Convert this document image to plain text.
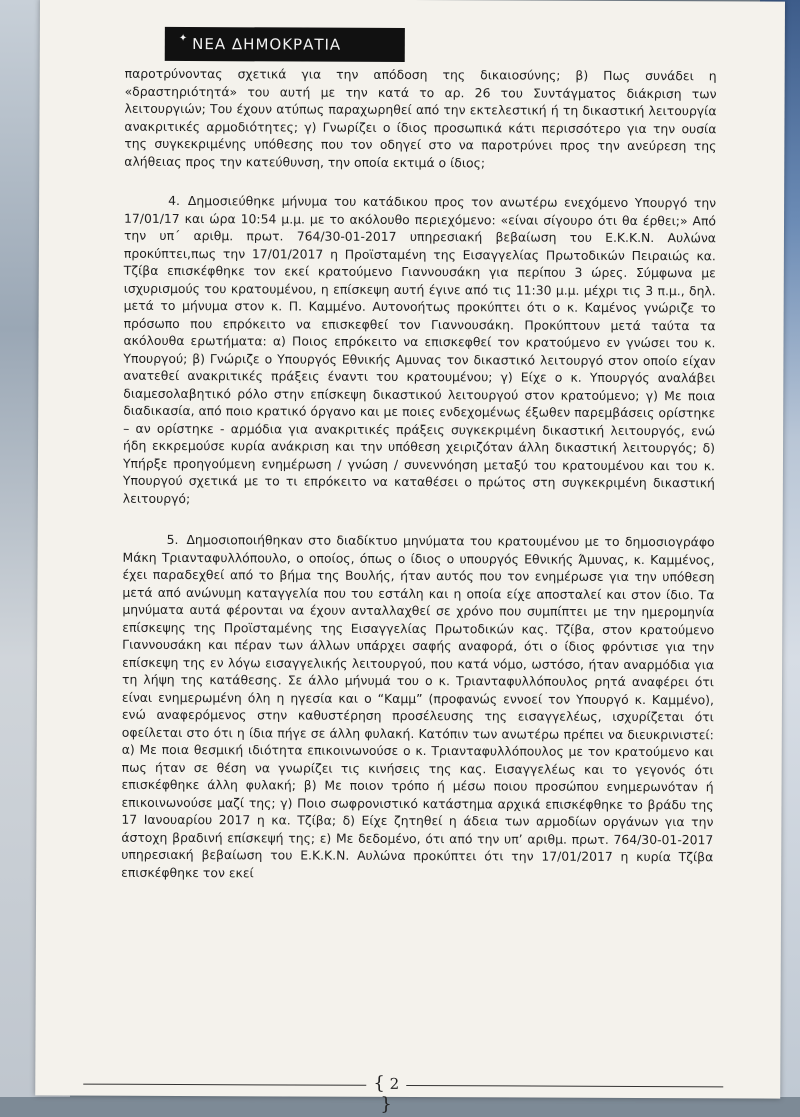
✦ ΝΕΑ ΔΗΜΟΚΡΑΤΙΑ

παροτρύνοντας σχετικά για την απόδοση της δικαιοσύνης; β) Πως συνάδει η «δραστηριότητά» του αυτή με την κατά το αρ. 26 του Συντάγματος διάκριση των λειτουργιών; Του έχουν ατύπως παραχωρηθεί από την εκτελεστική ή τη δικαστική λειτουργία ανακριτικές αρμοδιότητες; γ) Γνωρίζει ο ίδιος προσωπικά κάτι περισσότερο για την ουσία της συγκεκριμένης υπόθεσης που τον οδηγεί στο να παροτρύνει προς την ανεύρεση της αλήθειας προς την κατεύθυνση, την οποία εκτιμά ο ίδιος;

4. Δημοσιεύθηκε μήνυμα του κατάδικου προς τον ανωτέρω ενεχόμενο Υπουργό την 17/01/17 και ώρα 10:54 μ.μ. με το ακόλουθο περιεχόμενο: «είναι σίγουρο ότι θα έρθει;» Από την υπ΄ αριθμ. πρωτ. 764/30-01-2017 υπηρεσιακή βεβαίωση του Ε.Κ.Κ.Ν. Αυλώνα προκύπτει,πως την 17/01/2017 η Προϊσταμένη της Εισαγγελίας Πρωτοδικών Πειραιώς κα. Τζίβα επισκέφθηκε τον εκεί κρατούμενο Γιαννουσάκη για περίπου 3 ώρες. Σύμφωνα με ισχυρισμούς του κρατουμένου, η επίσκεψη αυτή έγινε από τις 11:30 μ.μ. μέχρι τις 3 π.μ., δηλ. μετά το μήνυμα στον κ. Π. Καμμένο. Αυτονοήτως προκύπτει ότι ο κ. Καμένος γνώριζε το πρόσωπο που επρόκειτο να επισκεφθεί τον Γιαννουσάκη. Προκύπτουν μετά ταύτα τα ακόλουθα ερωτήματα: α) Ποιος επρόκειτο να επισκεφθεί τον κρατούμενο εν γνώσει του κ. Υπουργού; β) Γνώριζε ο Υπουργός Εθνικής Αμυνας τον δικαστικό λειτουργό στον οποίο είχαν ανατεθεί ανακριτικές πράξεις έναντι του κρατουμένου; γ) Είχε ο κ. Υπουργός αναλάβει διαμεσολαβητικό ρόλο στην επίσκεψη δικαστικού λειτουργού στον κρατούμενο; γ) Με ποια διαδικασία, από ποιο κρατικό όργανο και με ποιες ενδεχομένως έξωθεν παρεμβάσεις ορίστηκε – αν ορίστηκε - αρμόδια για ανακριτικές πράξεις συγκεκριμένη δικαστική λειτουργός, ενώ ήδη εκκρεμούσε κυρία ανάκριση και την υπόθεση χειριζόταν άλλη δικαστική λειτουργός; δ) Υπήρξε προηγούμενη ενημέρωση / γνώση / συνεννόηση μεταξύ του κρατουμένου και του κ. Υπουργού σχετικά με το τι επρόκειτο να καταθέσει ο πρώτος στη συγκεκριμένη δικαστική λειτουργό;

5. Δημοσιοποιήθηκαν στο διαδίκτυο μηνύματα του κρατουμένου με το δημοσιογράφο Μάκη Τριανταφυλλόπουλο, ο οποίος, όπως ο ίδιος ο υπουργός Εθνικής Άμυνας, κ. Καμμένος, έχει παραδεχθεί από το βήμα της Βουλής, ήταν αυτός που τον ενημέρωσε για την υπόθεση μετά από ανώνυμη καταγγελία που του εστάλη και η οποία είχε αποσταλεί και στον ίδιο. Τα μηνύματα αυτά φέρονται να έχουν ανταλλαχθεί σε χρόνο που συμπίπτει με την ημερομηνία επίσκεψης της Προϊσταμένης της Εισαγγελίας Πρωτοδικών κας. Τζίβα, στον κρατούμενο Γιαννουσάκη και πέραν των άλλων υπάρχει σαφής αναφορά, ότι ο ίδιος φρόντισε για την επίσκεψη της εν λόγω εισαγγελικής λειτουργού, που κατά νόμο, ωστόσο, ήταν αναρμόδια για τη λήψη της κατάθεσης. Σε άλλο μήνυμά του ο κ. Τριανταφυλλόπουλος ρητά αναφέρει ότι είναι ενημερωμένη όλη η ηγεσία και ο “Καμμ” (προφανώς εννοεί τον Υπουργό κ. Καμμένο), ενώ αναφερόμενος στην καθυστέρηση προσέλευσης της εισαγγελέως, ισχυρίζεται ότι οφείλεται στο ότι η ίδια πήγε σε άλλη φυλακή. Κατόπιν των ανωτέρω πρέπει να διευκρινιστεί: α) Με ποια θεσμική ιδιότητα επικοινωνούσε ο κ. Τριανταφυλλόπουλος με τον κρατούμενο και πως ήταν σε θέση να γνωρίζει τις κινήσεις της κας. Εισαγγελέως και το γεγονός ότι επισκέφθηκε άλλη φυλακή; β) Με ποιον τρόπο ή μέσω ποιου προσώπου ενημερωνόταν ή επικοινωνούσε μαζί της; γ) Ποιο σωφρονιστικό κατάστημα αρχικά επισκέφθηκε το βράδυ της 17 Ιανουαρίου 2017 η κα. Τζίβα; δ) Είχε ζητηθεί η άδεια των αρμοδίων οργάνων για την άστοχη βραδινή επίσκεψή της; ε) Με δεδομένο, ότι από την υπ’ αριθμ. πρωτ. 764/30-01-2017 υπηρεσιακή βεβαίωση του Ε.Κ.Κ.Ν. Αυλώνα προκύπτει ότι την 17/01/2017 η κυρία Τζίβα επισκέφθηκε τον εκεί

{ 2 }
